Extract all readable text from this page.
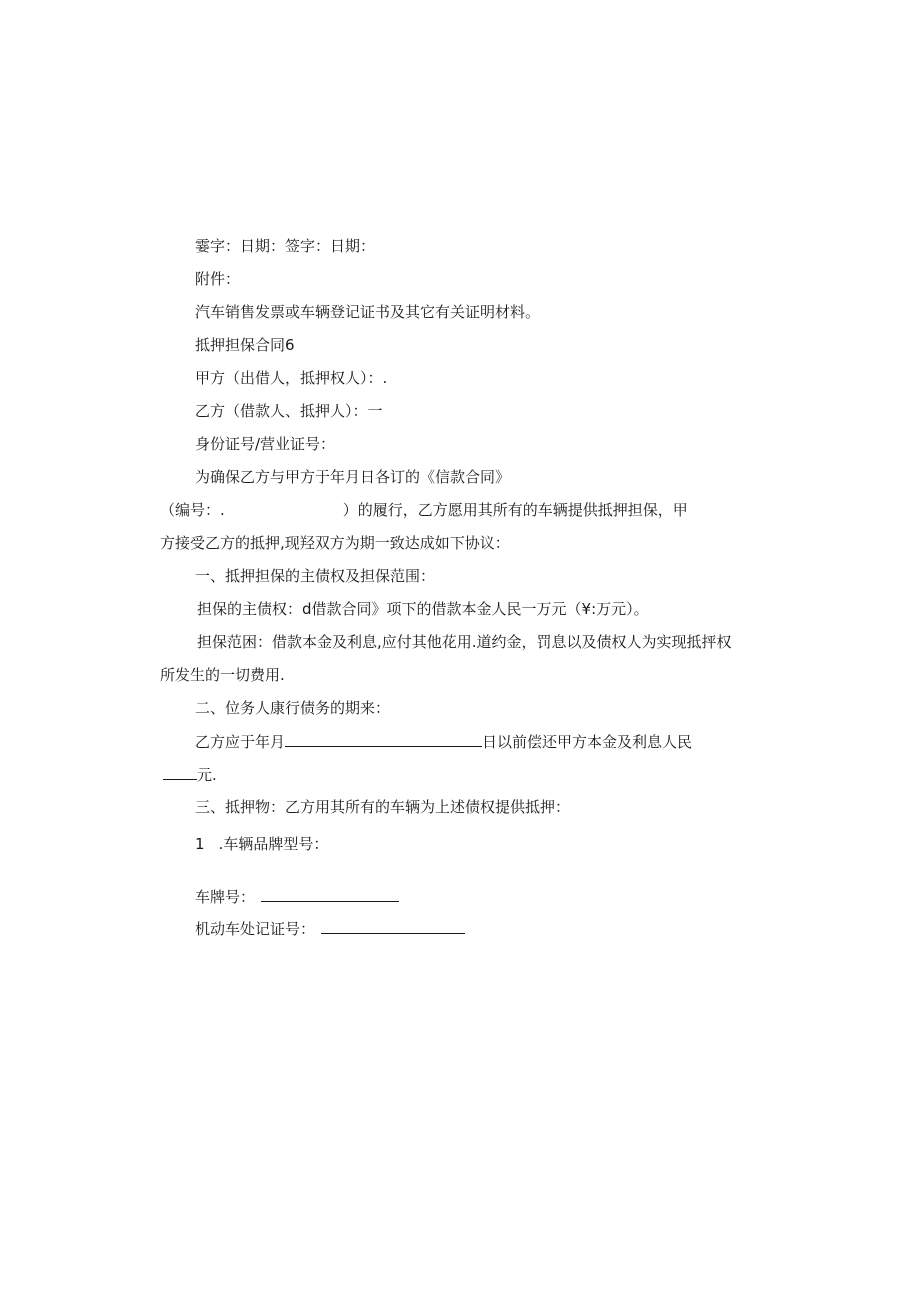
霎字：日期：签字：日期：
附件：
汽车销售发票或车辆登记证书及其它有关证明材料。
抵押担保合同6
甲方（出借人，抵押权人）：.
乙方（借款人、抵押人）：一
身份证号/营业证号：
为确保乙方与甲方于年月日各订的《信款合同》
（编号：.	）的履行，乙方愿用其所有的车辆提供抵押担保，甲
方接受乙方的抵押,现羟双方为期一致达成如下协议：
一、抵押担保的主债权及担保范围：
担保的主债权：d借款合同》项下的借款本金人民一万元（¥:万元）。
担保范困：借款本金及利息,应付其他花用.道约金，罚息以及债权人为实现抵抨权
所发生的一切费用.
二、位务人康行债务的期来：
乙方应于年月	日以前偿还甲方本金及利息人民
元.
三、抵押物：乙方用其所有的车辆为上述债权提供抵押：
1 .车辆品牌型号：
车牌号：
机动车处记证号：
